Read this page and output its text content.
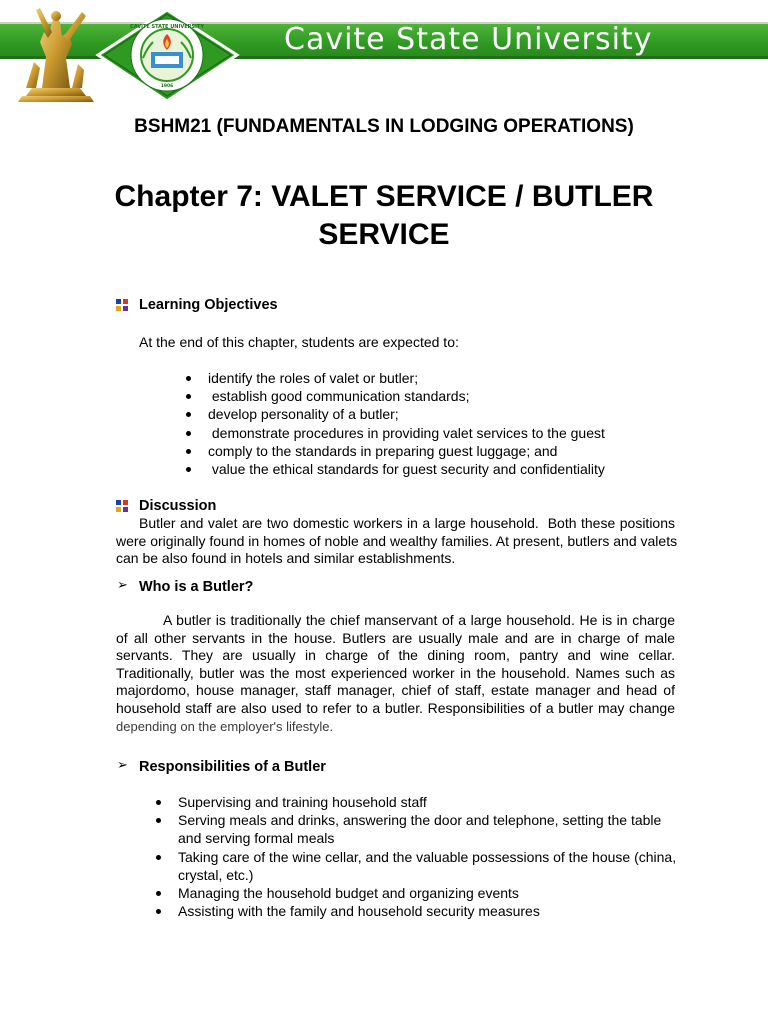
CAVITE STATE UNIVERSITY
1906
Cavite State University
BSHM21 (FUNDAMENTALS IN LODGING OPERATIONS)
Chapter 7: VALET SERVICE / BUTLER
SERVICE
Learning Objectives
At the end of this chapter, students are expected to:
identify the roles of valet or butler;
establish good communication standards;
develop personality of a butler;
demonstrate procedures in providing valet services to the guest
comply to the standards in preparing guest luggage; and
value the ethical standards for guest security and confidentiality
Discussion
Butler and valet are two domestic workers in a large household.  Both these positions
were originally found in homes of noble and wealthy families. At present, butlers and valets
can be also found in hotels and similar establishments.
➢ Who is a Butler?
A butler is traditionally the chief manservant of a large household. He is in charge
of all other servants in the house. Butlers are usually male and are in charge of male
servants. They are usually in charge of the dining room, pantry and wine cellar.
Traditionally, butler was the most experienced worker in the household. Names such as
majordomo, house manager, staff manager, chief of staff, estate manager and head of
household staff are also used to refer to a butler. Responsibilities of a butler may change
depending on the employer's lifestyle.
➢ Responsibilities of a Butler
Supervising and training household staff
Serving meals and drinks, answering the door and telephone, setting the table
and serving formal meals
Taking care of the wine cellar, and the valuable possessions of the house (china,
crystal, etc.)
Managing the household budget and organizing events
Assisting with the family and household security measures
